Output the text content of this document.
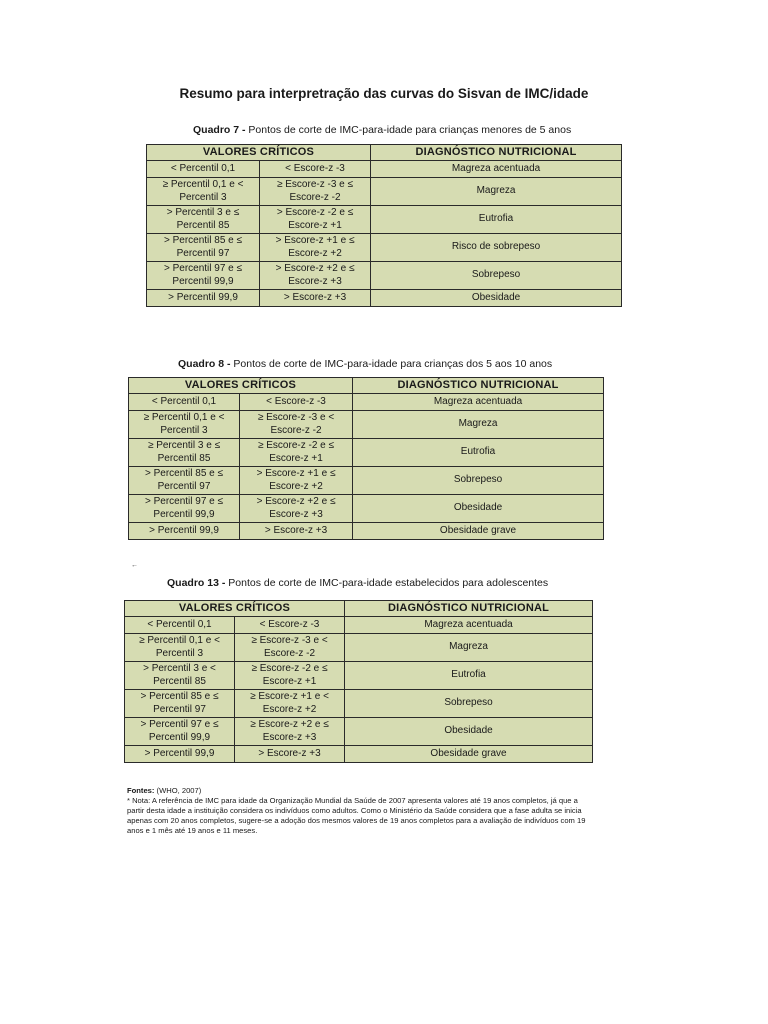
Resumo para interpretração das curvas do Sisvan de IMC/idade
Quadro 7 - Pontos de corte de IMC-para-idade para crianças menores de 5 anos
VALORES CRÍTICOS		DIAGNÓSTICO NUTRICIONAL
< Percentil 0,1	< Escore-z -3	Magreza acentuada
≥ Percentil 0,1 e < Percentil 3	≥ Escore-z -3 e ≤ Escore-z -2	Magreza
> Percentil 3 e ≤ Percentil 85	> Escore-z -2 e ≤ Escore-z +1	Eutrofia
> Percentil 85 e ≤ Percentil 97	> Escore-z +1 e ≤ Escore-z +2	Risco de sobrepeso
> Percentil 97 e ≤ Percentil 99,9	> Escore-z +2 e ≤ Escore-z +3	Sobrepeso
> Percentil 99,9	> Escore-z +3	Obesidade
Quadro 8 - Pontos de corte de IMC-para-idade para crianças dos 5 aos 10 anos
VALORES CRÍTICOS		DIAGNÓSTICO NUTRICIONAL
< Percentil 0,1	< Escore-z -3	Magreza acentuada
≥ Percentil 0,1 e < Percentil 3	≥ Escore-z -3 e < Escore-z -2	Magreza
≥ Percentil 3 e ≤ Percentil 85	≥ Escore-z -2 e ≤ Escore-z +1	Eutrofia
> Percentil 85 e ≤ Percentil 97	> Escore-z +1 e ≤ Escore-z +2	Sobrepeso
> Percentil 97 e ≤ Percentil 99,9	> Escore-z +2 e ≤ Escore-z +3	Obesidade
> Percentil 99,9	> Escore-z +3	Obesidade grave
←
Quadro 13 - Pontos de corte de IMC-para-idade estabelecidos para adolescentes
VALORES CRÍTICOS		DIAGNÓSTICO NUTRICIONAL
< Percentil 0,1	< Escore-z -3	Magreza acentuada
≥ Percentil 0,1 e < Percentil 3	≥ Escore-z -3 e < Escore-z -2	Magreza
> Percentil 3 e < Percentil 85	≥ Escore-z -2 e ≤ Escore-z +1	Eutrofia
> Percentil 85 e ≤ Percentil 97	≥ Escore-z +1 e < Escore-z +2	Sobrepeso
> Percentil 97 e ≤ Percentil 99,9	≥ Escore-z +2 e ≤ Escore-z +3	Obesidade
> Percentil 99,9	> Escore-z +3	Obesidade grave
Fontes: (WHO, 2007)
* Nota: A referência de IMC para idade da Organização Mundial da Saúde de 2007 apresenta valores até 19 anos completos, já que a partir desta idade a instituição considera os indivíduos como adultos. Como o Ministério da Saúde considera que a fase adulta se inicia apenas com 20 anos completos, sugere-se a adoção dos mesmos valores de 19 anos completos para a avaliação de indivíduos com 19 anos e 1 mês até 19 anos e 11 meses.
